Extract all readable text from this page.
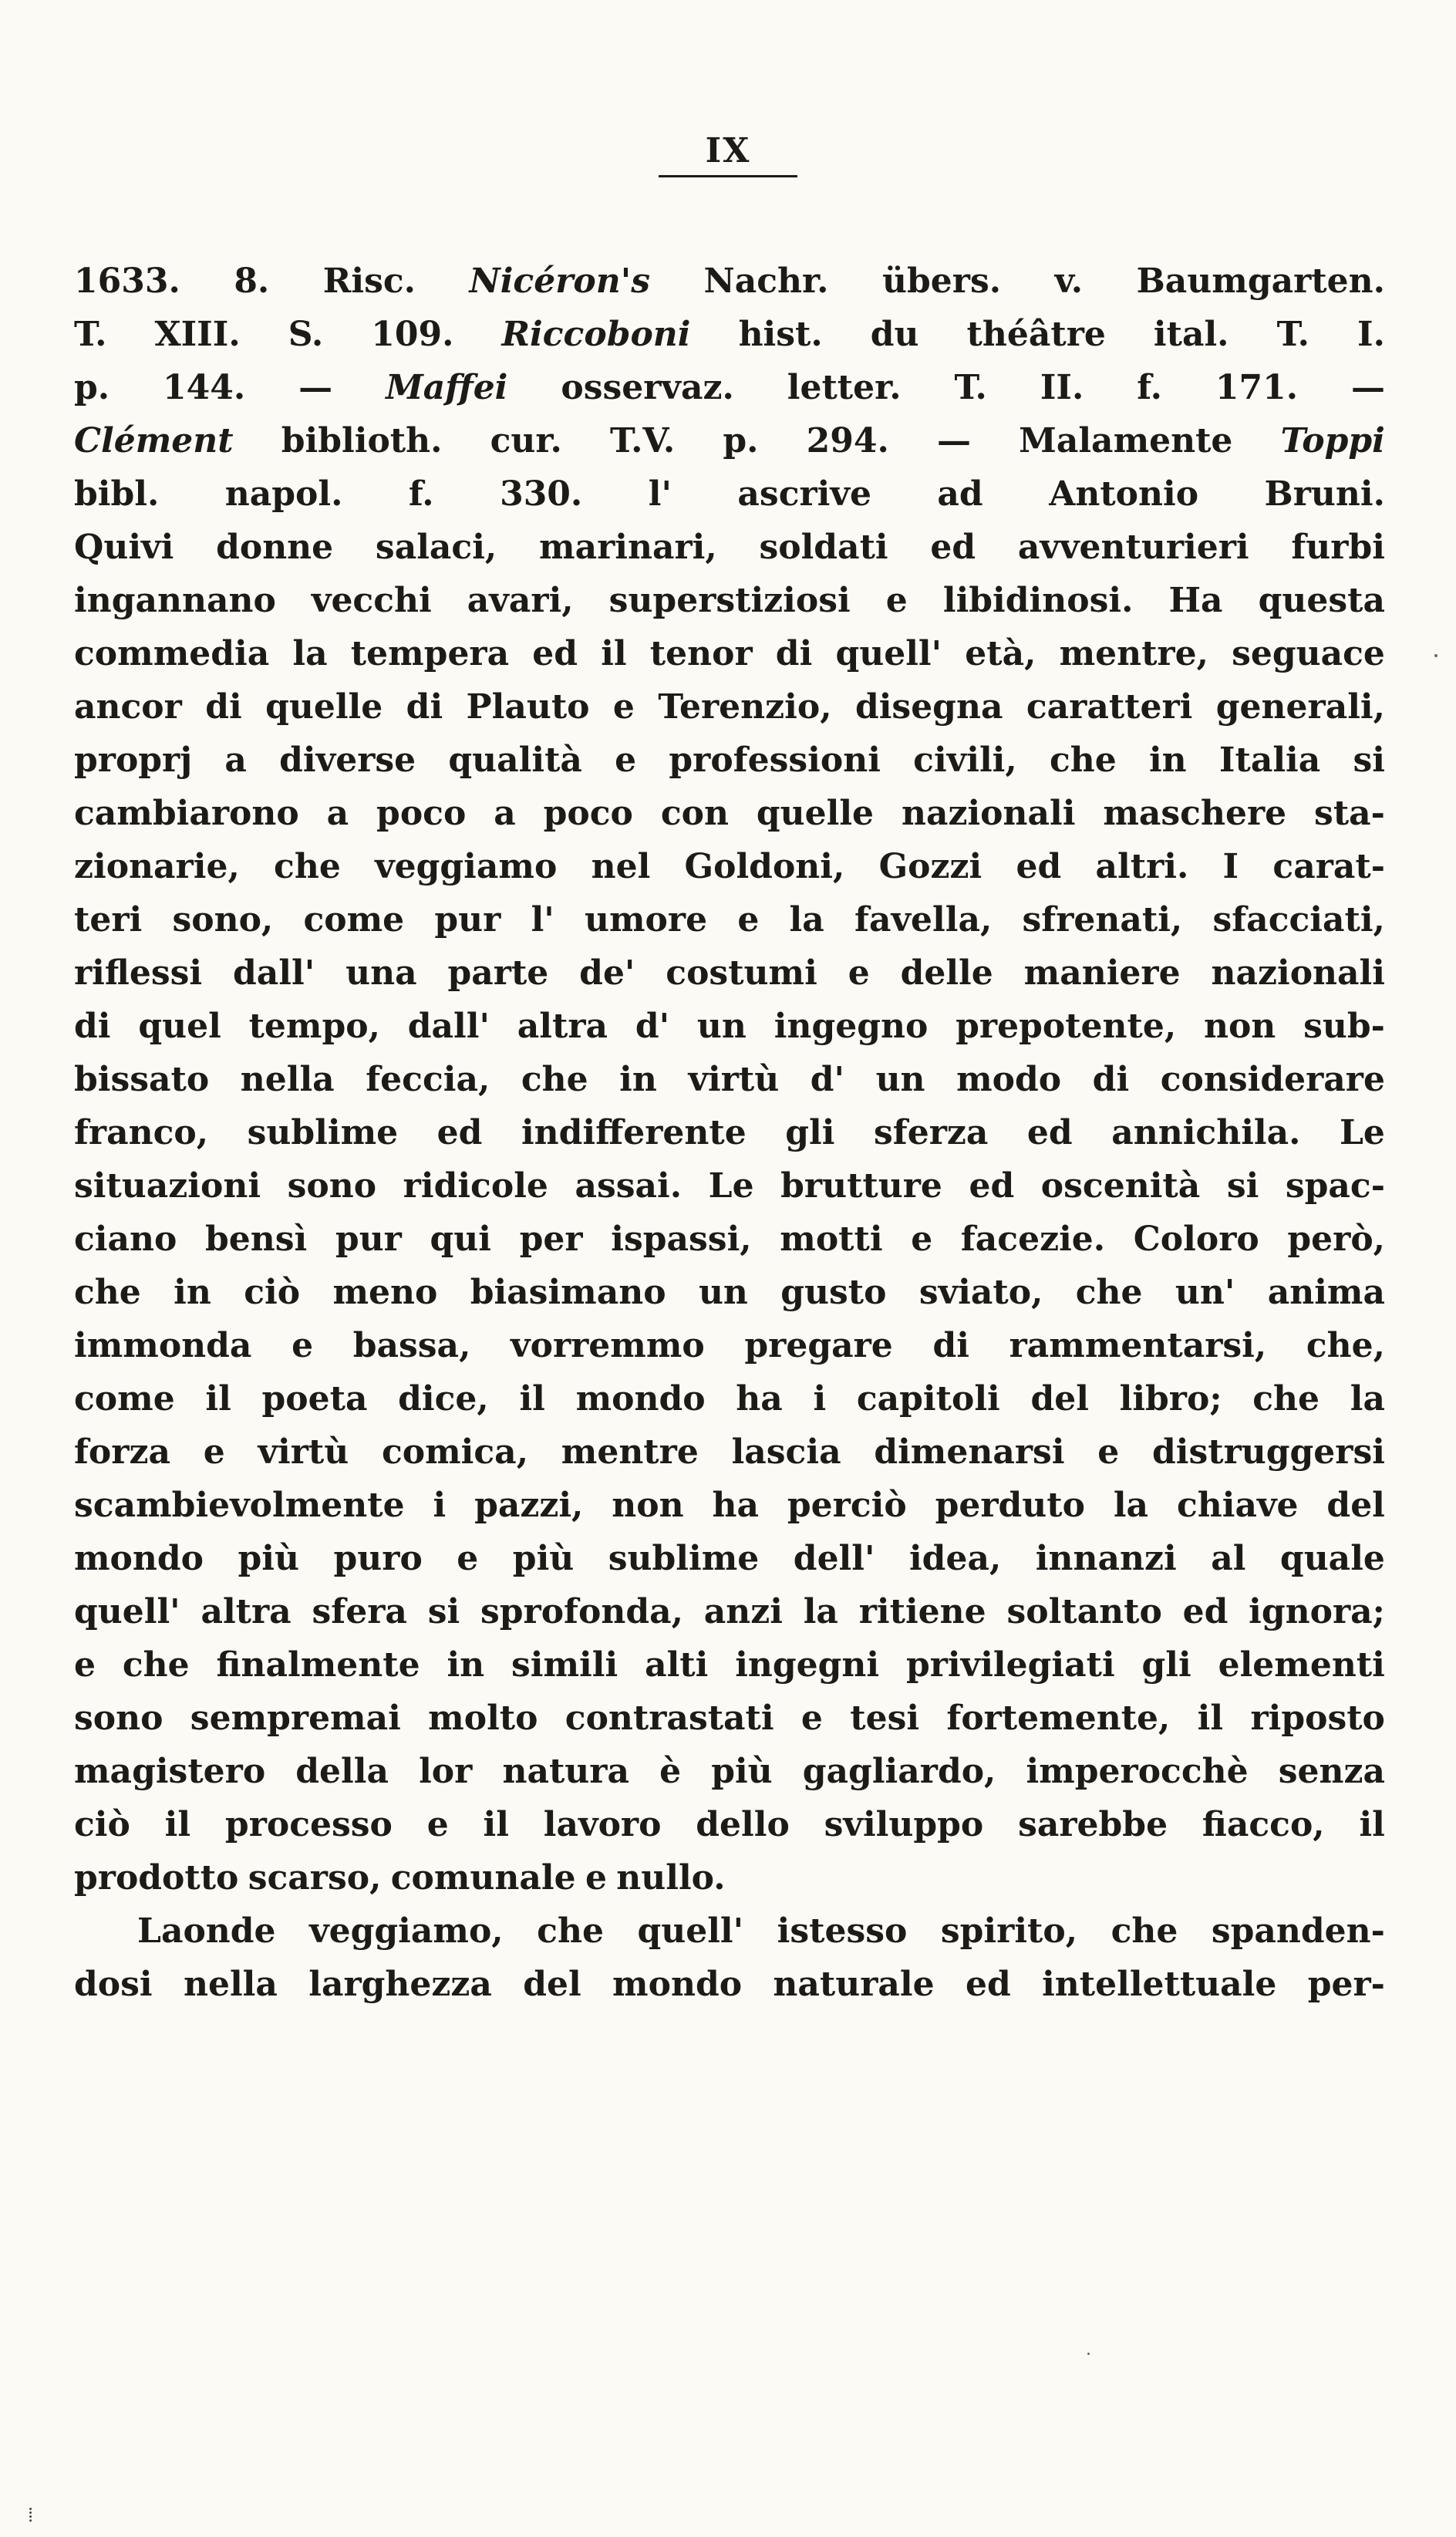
IX
1633. 8. Risc. Nicéron's Nachr. übers. v. Baumgarten.
T. XIII. S. 109. Riccoboni hist. du théâtre ital. T. I.
p. 144. — Maffei osservaz. letter. T. II. f. 171. —
Clément biblioth. cur. T.V. p. 294. — Malamente Toppi
bibl. napol. f. 330. l' ascrive ad Antonio Bruni.
Quivi donne salaci, marinari, soldati ed avventurieri furbi
ingannano vecchi avari, superstiziosi e libidinosi. Ha questa
commedia la tempera ed il tenor di quell' età, mentre, seguace
ancor di quelle di Plauto e Terenzio, disegna caratteri generali,
proprj a diverse qualità e professioni civili, che in Italia si
cambiarono a poco a poco con quelle nazionali maschere sta-
zionarie, che veggiamo nel Goldoni, Gozzi ed altri. I carat-
teri sono, come pur l' umore e la favella, sfrenati, sfacciati,
riflessi dall' una parte de' costumi e delle maniere nazionali
di quel tempo, dall' altra d' un ingegno prepotente, non sub-
bissato nella feccia, che in virtù d' un modo di considerare
franco, sublime ed indifferente gli sferza ed annichila. Le
situazioni sono ridicole assai. Le brutture ed oscenità si spac-
ciano bensì pur qui per ispassi, motti e facezie. Coloro però,
che in ciò meno biasimano un gusto sviato, che un' anima
immonda e bassa, vorremmo pregare di rammentarsi, che,
come il poeta dice, il mondo ha i capitoli del libro; che la
forza e virtù comica, mentre lascia dimenarsi e distruggersi
scambievolmente i pazzi, non ha perciò perduto la chiave del
mondo più puro e più sublime dell' idea, innanzi al quale
quell' altra sfera si sprofonda, anzi la ritiene soltanto ed ignora;
e che finalmente in simili alti ingegni privilegiati gli elementi
sono sempremai molto contrastati e tesi fortemente, il riposto
magistero della lor natura è più gagliardo, imperocchè senza
ciò il processo e il lavoro dello sviluppo sarebbe fiacco, il
prodotto scarso, comunale e nullo.
Laonde veggiamo, che quell' istesso spirito, che spanden-
dosi nella larghezza del mondo naturale ed intellettuale per-
⁞
